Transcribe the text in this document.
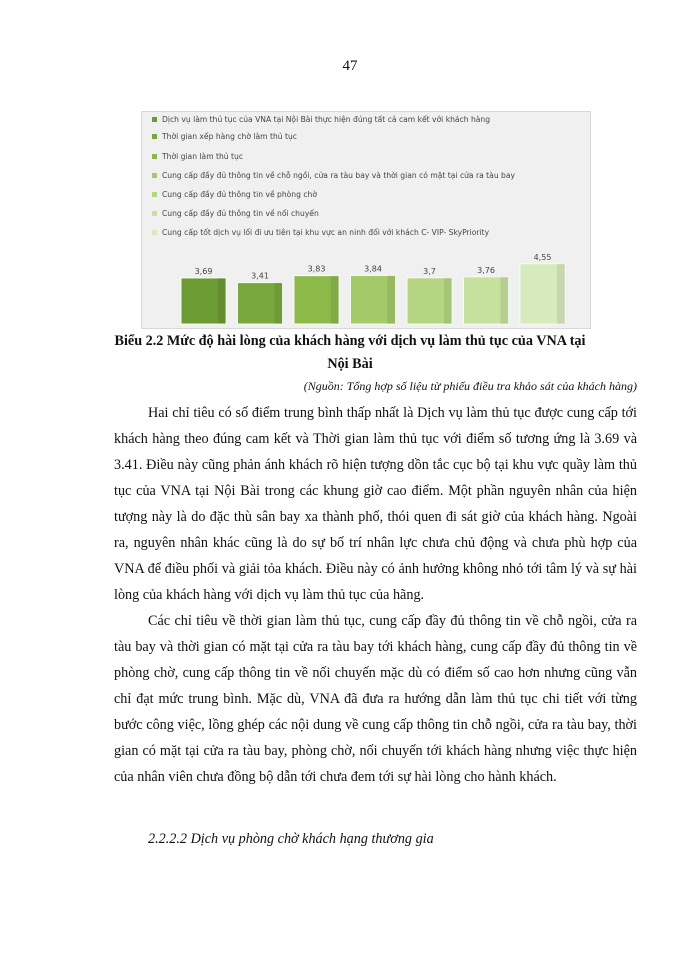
47
Dịch vụ làm thủ tục của VNA tại Nội Bài thực hiện đúng tất cả cam kết với khách hàng
Thời gian xếp hàng chờ làm thủ tục
Thời gian làm thủ tục
Cung cấp đầy đủ thông tin về chỗ ngồi, cửa ra tàu bay và thời gian có mặt tại cửa ra tàu bay
Cung cấp đầy đủ thông tin về phòng chờ
Cung cấp đầy đủ thông tin về nối chuyến
Cung cấp tốt dịch vụ lối đi ưu tiên tại khu vực an ninh đối với khách C- VIP- SkyPriority
3,69
3,41
3,83	3,84	3,7	3,76
4,55
Biểu 2.2 Mức độ hài lòng của khách hàng với dịch vụ làm thủ tục của VNA tại
Nội Bài
(Nguồn: Tổng hợp số liệu từ phiếu điều tra khảo sát của khách hàng)

Hai chỉ tiêu có số điểm trung bình thấp nhất là Dịch vụ làm thủ tục được cung cấp tới khách hàng theo đúng cam kết và Thời gian làm thủ tục với điểm số tương ứng là 3.69 và 3.41. Điều này cũng phản ánh khách rõ hiện tượng dồn tắc cục bộ tại khu vực quầy làm thủ tục của VNA tại Nội Bài trong các khung giờ cao điểm. Một phần nguyên nhân của hiện tượng này là do đặc thù sân bay xa thành phố, thói quen đi sát giờ của khách hàng. Ngoài ra, nguyên nhân khác cũng là do sự bố trí nhân lực chưa chủ động và chưa phù hợp của VNA để điều phối và giải tỏa khách. Điều này có ảnh hưởng không nhỏ tới tâm lý và sự hài lòng của khách hàng với dịch vụ làm thủ tục của hãng.

Các chỉ tiêu về thời gian làm thủ tục, cung cấp đầy đủ thông tin về chỗ ngồi, cửa ra tàu bay và thời gian có mặt tại cửa ra tàu bay tới khách hàng, cung cấp đầy đủ thông tin về phòng chờ, cung cấp thông tin về nối chuyến mặc dù có điểm số cao hơn nhưng cũng vẫn chỉ đạt mức trung bình. Mặc dù, VNA đã đưa ra hướng dẫn làm thủ tục chi tiết với từng bước công việc, lồng ghép các nội dung về cung cấp thông tin chỗ ngồi, cửa ra tàu bay, thời gian có mặt tại cửa ra tàu bay, phòng chờ, nối chuyến tới khách hàng nhưng việc thực hiện của nhân viên chưa đồng bộ dẫn tới chưa đem tới sự hài lòng cho hành khách.

2.2.2.2 Dịch vụ phòng chờ khách hạng thương gia
